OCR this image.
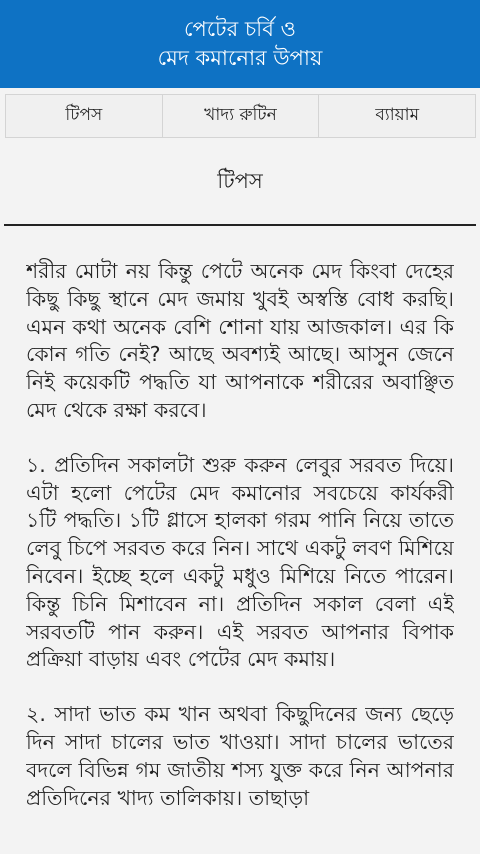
পেটের চর্বি ও
মেদ কমানোর উপায়
টিপস	খাদ্য রুটিন	ব্যায়াম
টিপস

শরীর মোটা নয় কিন্তু পেটে অনেক মেদ কিংবা দেহের কিছু কিছু স্থানে মেদ জমায় খুবই অস্বস্তি বোধ করছি। এমন কথা অনেক বেশি শোনা যায় আজকাল। এর কি কোন গতি নেই? আছে অবশ্যই আছে। আসুন জেনে নিই কয়েকটি পদ্ধতি যা আপনাকে শরীরের অবাঞ্ছিত মেদ থেকে রক্ষা করবে।

১. প্রতিদিন সকালটা শুরু করুন লেবুর সরবত দিয়ে। এটা হলো পেটের মেদ কমানোর সবচেয়ে কার্যকরী ১টি পদ্ধতি। ১টি গ্লাসে হালকা গরম পানি নিয়ে তাতে লেবু চিপে সরবত করে নিন। সাথে একটু লবণ মিশিয়ে নিবেন। ইচ্ছে হলে একটু মধুও মিশিয়ে নিতে পারেন। কিন্তু চিনি মিশাবেন না। প্রতিদিন সকাল বেলা এই সরবতটি পান করুন। এই সরবত আপনার বিপাক প্রক্রিয়া বাড়ায় এবং পেটের মেদ কমায়।

২. সাদা ভাত কম খান অথবা কিছুদিনের জন্য ছেড়ে দিন সাদা চালের ভাত খাওয়া। সাদা চালের ভাতের বদলে বিভিন্ন গম জাতীয় শস্য যুক্ত করে নিন আপনার প্রতিদিনের খাদ্য তালিকায়। তাছাড়া
